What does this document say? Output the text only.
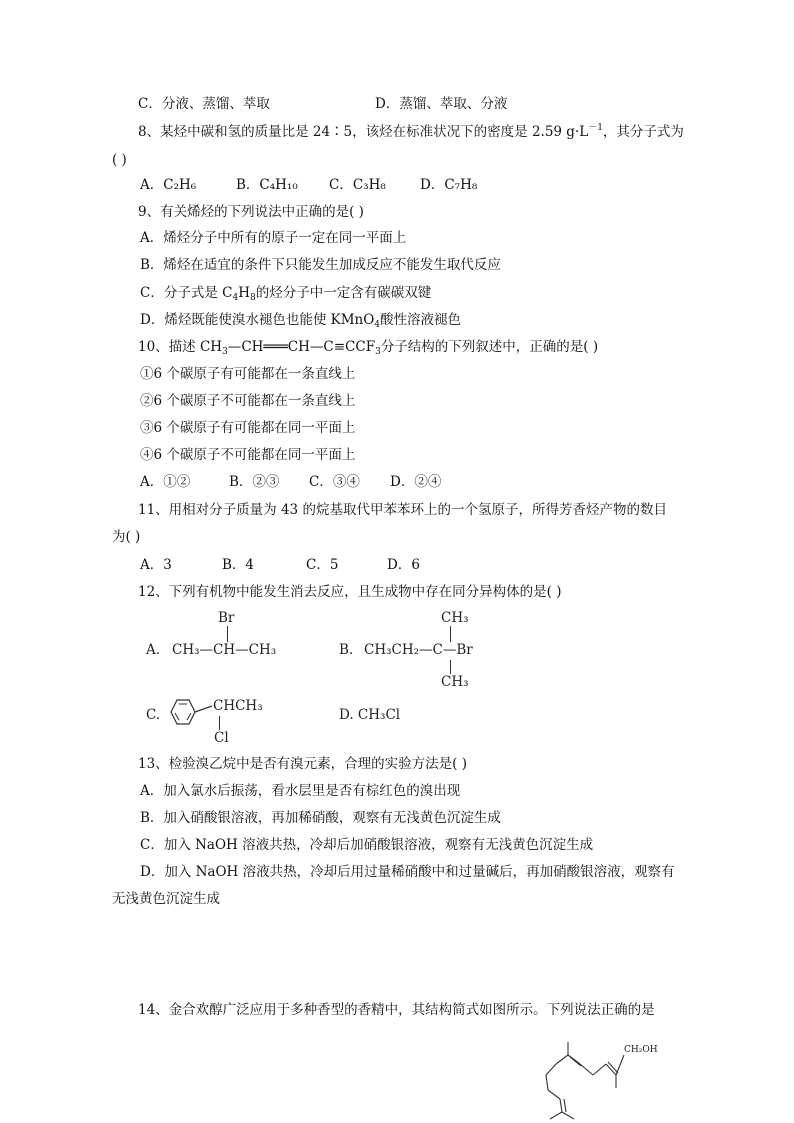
C．分液、蒸馏、萃取	D．蒸馏、萃取、分液
8、某烃中碳和氢的质量比是 24∶5，该烃在标准状况下的密度是 2.59 $g\cdot L^{-1}$，其分子式为
( )
A．C₂H₆	B．C₄H₁₀ C．C₃H₈	D．C₇H₈
9、有关烯烃的下列说法中正确的是( )
A．烯烃分子中所有的原子一定在同一平面上
B．烯烃在适宜的条件下只能发生加成反应不能发生取代反应
C．分子式是 $C_4H_8$的烃分子中一定含有碳碳双键
D．烯烃既能使溴水褪色也能使 KMnO$_4$酸性溶液褪色
10、描述 $CH_3—CH═══CH—C\equiv CCF_3$分子结构的下列叙述中，正确的是( )
①6 个碳原子有可能都在一条直线上
②6 个碳原子不可能都在一条直线上
③6 个碳原子有可能都在同一平面上
④6 个碳原子不可能都在同一平面上
A．①②	B．②③ C．③④ D．②④
11、用相对分子质量为 43 的烷基取代甲苯苯环上的一个氢原子，所得芳香烃产物的数目
为( )
A．3	B．4	C．5	D．6
12、下列有机物中能发生消去反应，且生成物中存在同分异构体的是( )
Br
A. CH₃—CH—CH₃
CH₃
B. CH₃CH₂—C—Br
CH₃
C.
CHCH₃
Cl
D. CH₃Cl
13、检验溴乙烷中是否有溴元素，合理的实验方法是( )
A．加入氯水后振荡，看水层里是否有棕红色的溴出现
B．加入硝酸银溶液，再加稀硝酸，观察有无浅黄色沉淀生成
C．加入 NaOH 溶液共热，冷却后加硝酸银溶液，观察有无浅黄色沉淀生成
D．加入 NaOH 溶液共热，冷却后用过量稀硝酸中和过量碱后，再加硝酸银溶液，观察有
无浅黄色沉淀生成
14、金合欢醇广泛应用于多种香型的香精中，其结构简式如图所示。下列说法正确的是
CH₂OH
